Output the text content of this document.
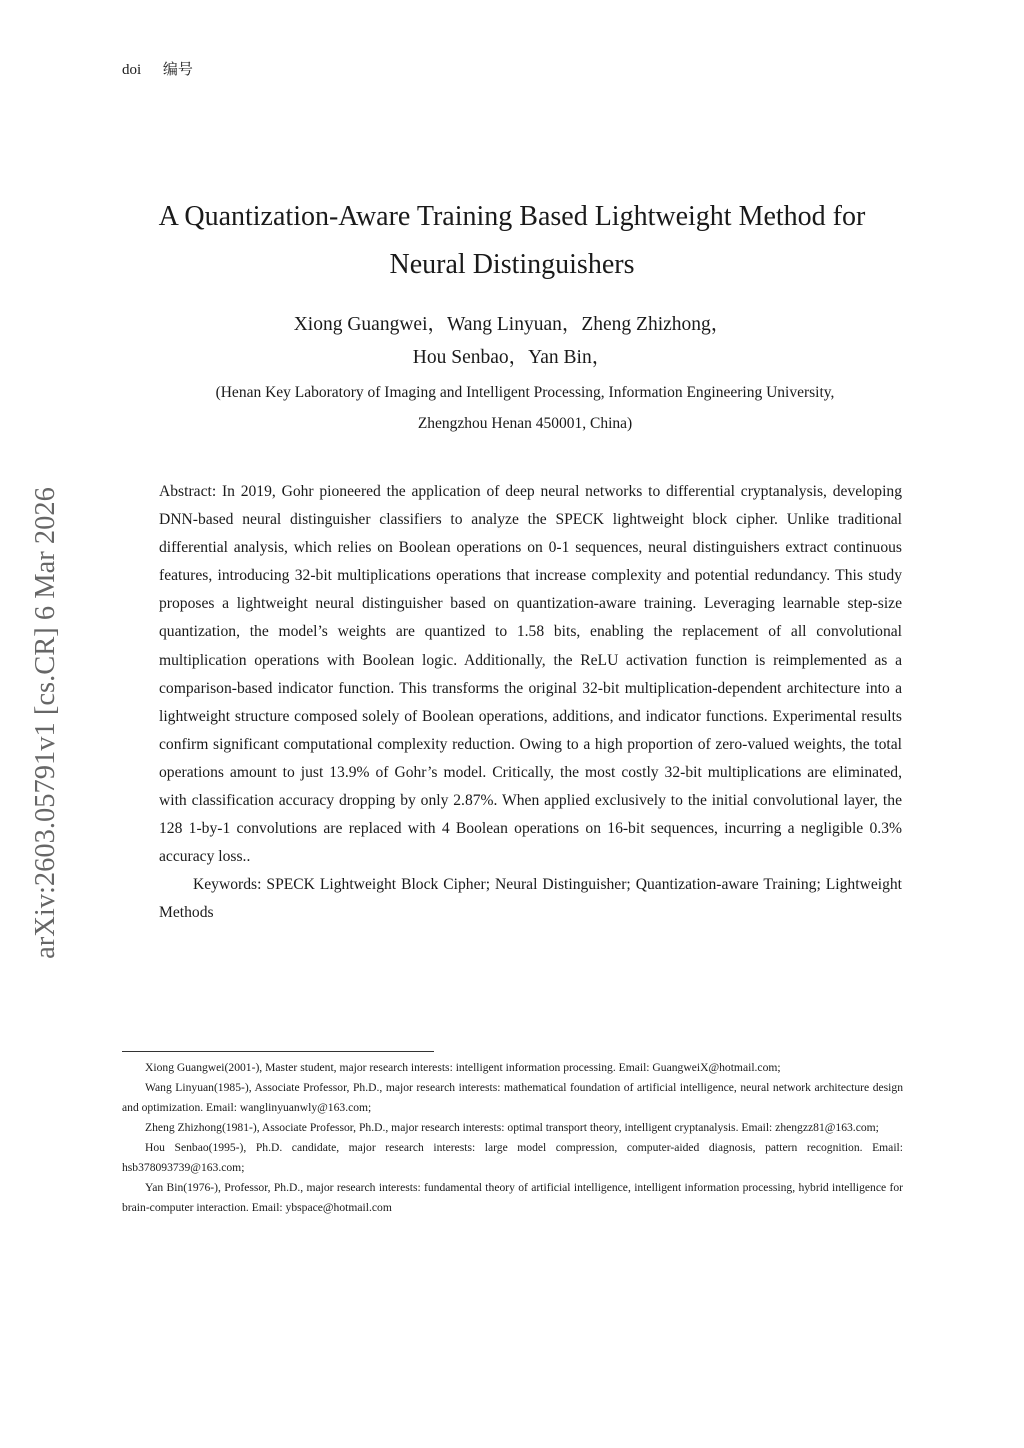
doi 编号
arXiv:2603.05791v1 [cs.CR] 6 Mar 2026
A Quantization-Aware Training Based Lightweight Method for
Neural Distinguishers
Xiong Guangwei，Wang Linyuan，Zheng Zhizhong，
Hou Senbao，Yan Bin，
(Henan Key Laboratory of Imaging and Intelligent Processing, Information Engineering University,
Zhengzhou Henan 450001, China)

Abstract: In 2019, Gohr pioneered the application of deep neural networks to differential cryptanalysis, developing DNN-based neural distinguisher classifiers to analyze the SPECK lightweight block cipher. Unlike traditional differential analysis, which relies on Boolean operations on 0-1 sequences, neural distinguishers extract continuous features, introducing 32-bit multiplications operations that increase complexity and potential redundancy. This study proposes a lightweight neural distinguisher based on quantization-aware training. Leveraging learnable step-size quantization, the model’s weights are quantized to 1.58 bits, enabling the replacement of all convolutional multiplication operations with Boolean logic. Additionally, the ReLU activation function is reimplemented as a comparison-based indicator function. This transforms the original 32-bit multiplication-dependent architecture into a lightweight structure composed solely of Boolean operations, additions, and indicator functions. Experimental results confirm significant computational complexity reduction. Owing to a high proportion of zero-valued weights, the total operations amount to just 13.9% of Gohr’s model. Critically, the most costly 32-bit multiplications are eliminated, with classification accuracy dropping by only 2.87%. When applied exclusively to the initial convolutional layer, the 128 1-by-1 convolutions are replaced with 4 Boolean operations on 16-bit sequences, incurring a negligible 0.3% accuracy loss..

Keywords: SPECK Lightweight Block Cipher; Neural Distinguisher; Quantization-aware Training; Lightweight Methods

Xiong Guangwei(2001-), Master student, major research interests: intelligent information processing. Email: GuangweiX@hotmail.com;

Wang Linyuan(1985-), Associate Professor, Ph.D., major research interests: mathematical foundation of artificial intelligence, neural network architecture design and optimization. Email: wanglinyuanwly@163.com;

Zheng Zhizhong(1981-), Associate Professor, Ph.D., major research interests: optimal transport theory, intelligent cryptanalysis. Email: zhengzz81@163.com;

Hou Senbao(1995-), Ph.D. candidate, major research interests: large model compression, computer-aided diagnosis, pattern recognition. Email: hsb378093739@163.com;

Yan Bin(1976-), Professor, Ph.D., major research interests: fundamental theory of artificial intelligence, intelligent information processing, hybrid intelligence for brain-computer interaction. Email: ybspace@hotmail.com
